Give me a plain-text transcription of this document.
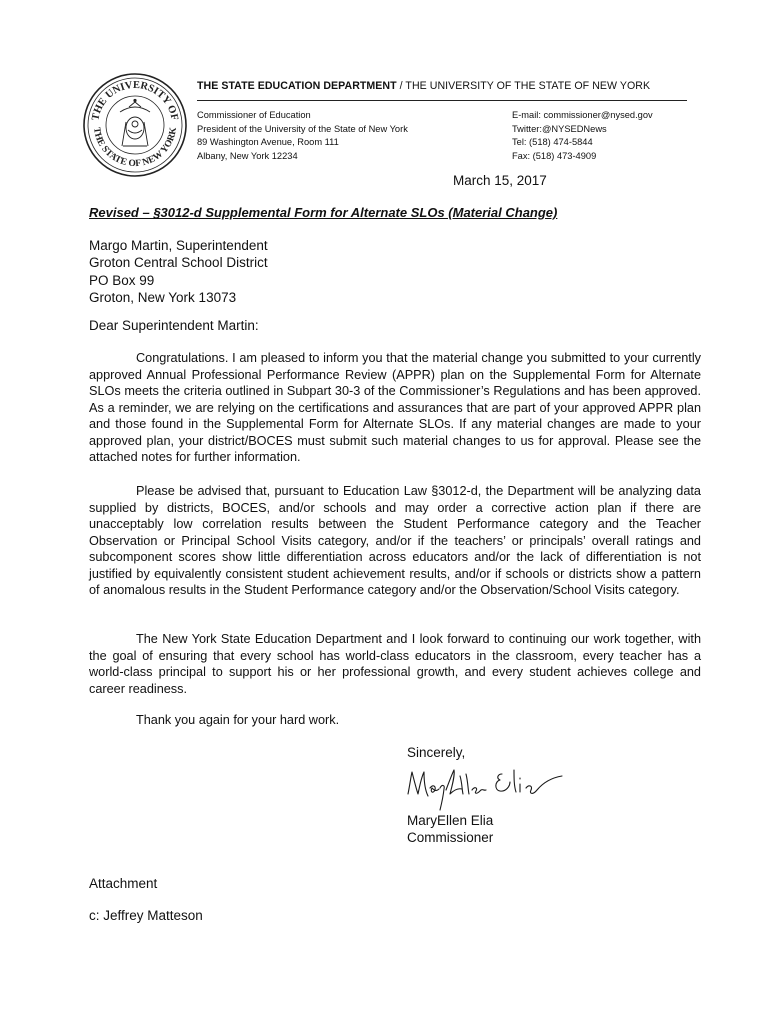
THE UNIVERSITY OF
THE STATE OF NEW YORK
THE STATE EDUCATION DEPARTMENT / THE UNIVERSITY OF THE STATE OF NEW YORK
Commissioner of Education
President of the University of the State of New York
89 Washington Avenue, Room 111
Albany, New York 12234
E-mail: commissioner@nysed.gov
Twitter:@NYSEDNews
Tel: (518) 474-5844
Fax: (518) 473-4909
March 15, 2017
Revised – §3012-d Supplemental Form for Alternate SLOs (Material Change)
Margo Martin, Superintendent
Groton Central School District
PO Box 99
Groton, New York 13073
Dear Superintendent Martin:

Congratulations. I am pleased to inform you that the material change you submitted to your currently approved Annual Professional Performance Review (APPR) plan on the Supplemental Form for Alternate SLOs meets the criteria outlined in Subpart 30-3 of the Commissioner’s Regulations and has been approved. As a reminder, we are relying on the certifications and assurances that are part of your approved APPR plan and those found in the Supplemental Form for Alternate SLOs. If any material changes are made to your approved plan, your district/BOCES must submit such material changes to us for approval. Please see the attached notes for further information.

Please be advised that, pursuant to Education Law §3012-d, the Department will be analyzing data supplied by districts, BOCES, and/or schools and may order a corrective action plan if there are unacceptably low correlation results between the Student Performance category and the Teacher Observation or Principal School Visits category, and/or if the teachers’ or principals’ overall ratings and subcomponent scores show little differentiation across educators and/or the lack of differentiation is not justified by equivalently consistent student achievement results, and/or if schools or districts show a pattern of anomalous results in the Student Performance category and/or the Observation/School Visits category.

The New York State Education Department and I look forward to continuing our work together, with the goal of ensuring that every school has world-class educators in the classroom, every teacher has a world-class principal to support his or her professional growth, and every student achieves college and career readiness.

Thank you again for your hard work.

Sincerely,
MaryEllen Elia
Commissioner
Attachment
c: Jeffrey Matteson
